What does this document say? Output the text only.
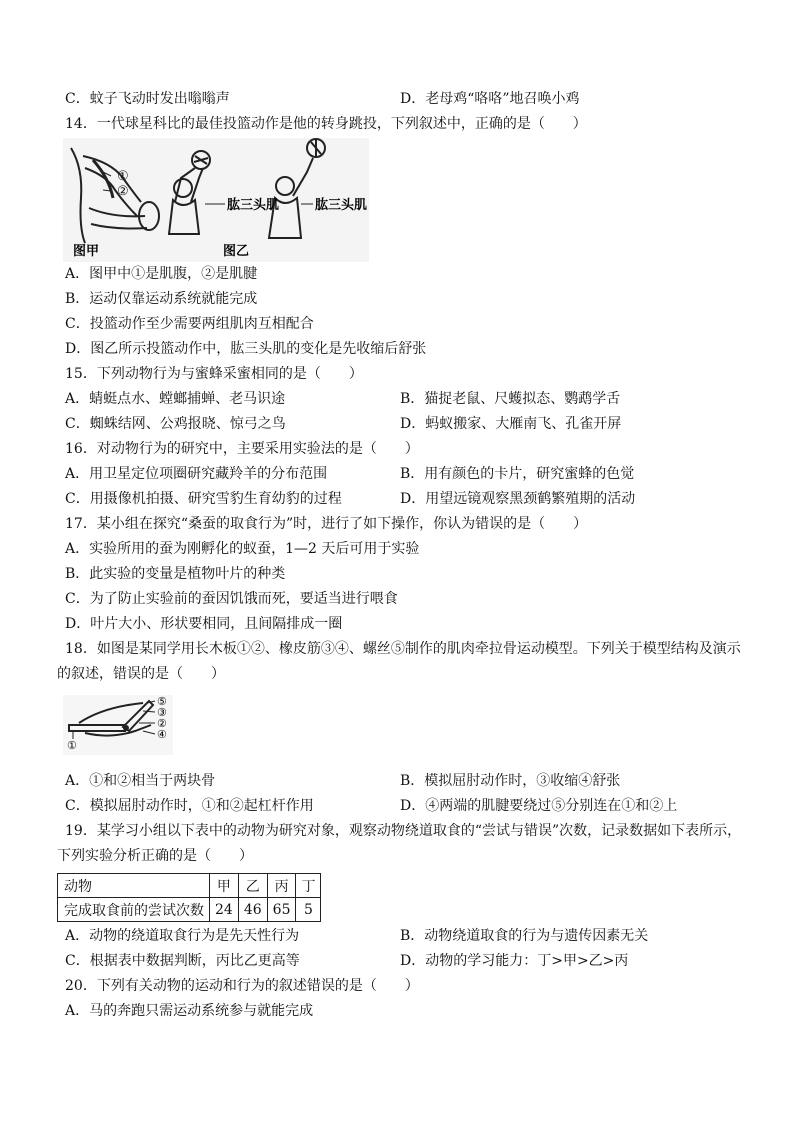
C．蚊子飞动时发出嗡嗡声	D．老母鸡“咯咯”地召唤小鸡
14．一代球星科比的最佳投篮动作是他的转身跳投，下列叙述中，正确的是（　　）
①
②
肱三头肌	肱三头肌
图甲	图乙
A．图甲中①是肌腹，②是肌腱
B．运动仅靠运动系统就能完成
C．投篮动作至少需要两组肌肉互相配合
D．图乙所示投篮动作中，肱三头肌的变化是先收缩后舒张
15．下列动物行为与蜜蜂采蜜相同的是（　　）
A．蜻蜓点水、螳螂捕蝉、老马识途	B．猫捉老鼠、尺蠖拟态、鹦鹉学舌
C．蜘蛛结网、公鸡报晓、惊弓之鸟	D．蚂蚁搬家、大雁南飞、孔雀开屏
16．对动物行为的研究中，主要采用实验法的是（　　）
A．用卫星定位项圈研究藏羚羊的分布范围	B．用有颜色的卡片，研究蜜蜂的色觉
C．用摄像机拍摄、研究雪豹生育幼豹的过程	D．用望远镜观察黑颈鹤繁殖期的活动
17．某小组在探究“桑蚕的取食行为”时，进行了如下操作，你认为错误的是（　　）
A．实验所用的蚕为刚孵化的蚁蚕，1—2 天后可用于实验
B．此实验的变量是植物叶片的种类
C．为了防止实验前的蚕因饥饿而死，要适当进行喂食
D．叶片大小、形状要相同，且间隔排成一圈
18．如图是某同学用长木板①②、橡皮筋③④、螺丝⑤制作的肌肉牵拉骨运动模型。下列关于模型结构及演示
的叙述，错误的是（　　）
⑤
③
②
④
①
A．①和②相当于两块骨	B．模拟屈肘动作时，③收缩④舒张
C．模拟屈肘动作时，①和②起杠杆作用	D．④两端的肌腱要绕过⑤分别连在①和②上
19．某学习小组以下表中的动物为研究对象，观察动物绕道取食的“尝试与错误”次数，记录数据如下表所示，
下列实验分析正确的是（　　）
动物	甲	乙	丙	丁
完成取食前的尝试次数	24	46	65	5
A．动物的绕道取食行为是先天性行为	B．动物绕道取食的行为与遗传因素无关
C．根据表中数据判断，丙比乙更高等	D．动物的学习能力：丁>甲>乙>丙
20．下列有关动物的运动和行为的叙述错误的是（　　）
A．马的奔跑只需运动系统参与就能完成
